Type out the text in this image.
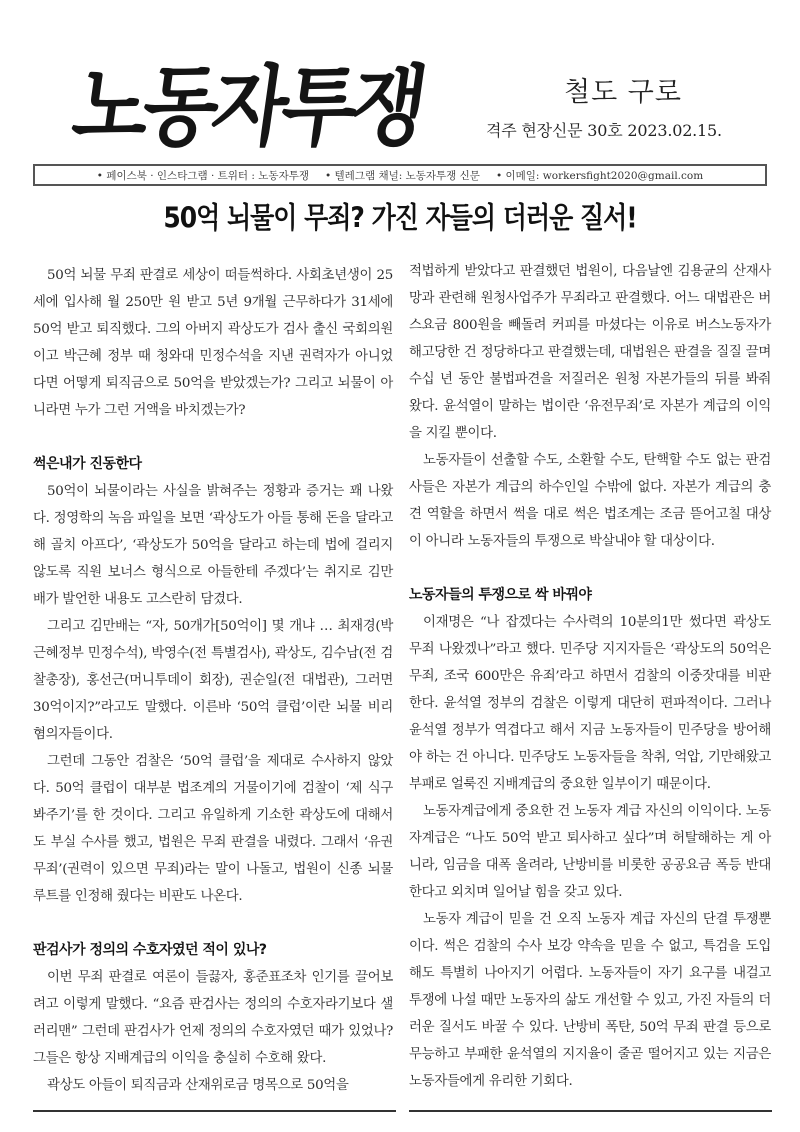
노동자투쟁	철도 구로
격주 현장신문 30호 2023.02.15.
• 페이스북 · 인스타그램 · 트위터 : 노동자투쟁 • 텔레그램 채널: 노동자투쟁 신문 • 이메일: workersfight2020@gmail.com
50억 뇌물이 무죄? 가진 자들의 더러운 질서!

50억 뇌물 무죄 판결로 세상이 떠들썩하다. 사회초년생이 25세에 입사해 월 250만 원 받고 5년 9개월 근무하다가 31세에 50억 받고 퇴직했다. 그의 아버지 곽상도가 검사 출신 국회의원이고 박근혜 정부 때 청와대 민정수석을 지낸 권력자가 아니었다면 어떻게 퇴직금으로 50억을 받았겠는가? 그리고 뇌물이 아니라면 누가 그런 거액을 바치겠는가?

썩은내가 진동한다

50억이 뇌물이라는 사실을 밝혀주는 정황과 증거는 꽤 나왔다. 정영학의 녹음 파일을 보면 ‘곽상도가 아들 통해 돈을 달라고 해 골치 아프다’, ‘곽상도가 50억을 달라고 하는데 법에 걸리지 않도록 직원 보너스 형식으로 아들한테 주겠다’는 취지로 김만배가 발언한 내용도 고스란히 담겼다.

그리고 김만배는 “자, 50개가[50억이] 몇 개냐 … 최재경(박근혜정부 민정수석), 박영수(전 특별검사), 곽상도, 김수남(전 검찰총장), 홍선근(머니투데이 회장), 권순일(전 대법관), 그러면 30억이지?”라고도 말했다. 이른바 ‘50억 클럽’이란 뇌물 비리 혐의자들이다.

그런데 그동안 검찰은 ‘50억 클럽’을 제대로 수사하지 않았다. 50억 클럽이 대부분 법조계의 거물이기에 검찰이 ‘제 식구 봐주기’를 한 것이다. 그리고 유일하게 기소한 곽상도에 대해서도 부실 수사를 했고, 법원은 무죄 판결을 내렸다. 그래서 ‘유권무죄’(권력이 있으면 무죄)라는 말이 나돌고, 법원이 신종 뇌물 루트를 인정해 줬다는 비판도 나온다.

판검사가 정의의 수호자였던 적이 있나?

이번 무죄 판결로 여론이 들끓자, 홍준표조차 인기를 끌어보려고 이렇게 말했다. “요즘 판검사는 정의의 수호자라기보다 샐러리맨” 그런데 판검사가 언제 정의의 수호자였던 때가 있었나? 그들은 항상 지배계급의 이익을 충실히 수호해 왔다.

곽상도 아들이 퇴직금과 산재위로금 명목으로 50억을

적법하게 받았다고 판결했던 법원이, 다음날엔 김용균의 산재사망과 관련해 원청사업주가 무죄라고 판결했다. 어느 대법관은 버스요금 800원을 빼돌려 커피를 마셨다는 이유로 버스노동자가 해고당한 건 정당하다고 판결했는데, 대법원은 판결을 질질 끌며 수십 년 동안 불법파견을 저질러온 원청 자본가들의 뒤를 봐줘 왔다. 윤석열이 말하는 법이란 ‘유전무죄’로 자본가 계급의 이익을 지킬 뿐이다.

노동자들이 선출할 수도, 소환할 수도, 탄핵할 수도 없는 판검사들은 자본가 계급의 하수인일 수밖에 없다. 자본가 계급의 충견 역할을 하면서 썩을 대로 썩은 법조계는 조금 뜯어고칠 대상이 아니라 노동자들의 투쟁으로 박살내야 할 대상이다.

노동자들의 투쟁으로 싹 바꿔야

이재명은 “나 잡겠다는 수사력의 10분의1만 썼다면 곽상도 무죄 나왔겠나”라고 했다. 민주당 지지자들은 ‘곽상도의 50억은 무죄, 조국 600만은 유죄’라고 하면서 검찰의 이중잣대를 비판한다. 윤석열 정부의 검찰은 이렇게 대단히 편파적이다. 그러나 윤석열 정부가 역겹다고 해서 지금 노동자들이 민주당을 방어해야 하는 건 아니다. 민주당도 노동자들을 착취, 억압, 기만해왔고 부패로 얼룩진 지배계급의 중요한 일부이기 때문이다.

노동자계급에게 중요한 건 노동자 계급 자신의 이익이다. 노동자계급은 “나도 50억 받고 퇴사하고 싶다”며 허탈해하는 게 아니라, 임금을 대폭 올려라, 난방비를 비롯한 공공요금 폭등 반대한다고 외치며 일어날 힘을 갖고 있다.

노동자 계급이 믿을 건 오직 노동자 계급 자신의 단결 투쟁뿐이다. 썩은 검찰의 수사 보강 약속을 믿을 수 없고, 특검을 도입해도 특별히 나아지기 어렵다. 노동자들이 자기 요구를 내걸고 투쟁에 나설 때만 노동자의 삶도 개선할 수 있고, 가진 자들의 더러운 질서도 바꿀 수 있다. 난방비 폭탄, 50억 무죄 판결 등으로 무능하고 부패한 윤석열의 지지율이 줄곧 떨어지고 있는 지금은 노동자들에게 유리한 기회다.
